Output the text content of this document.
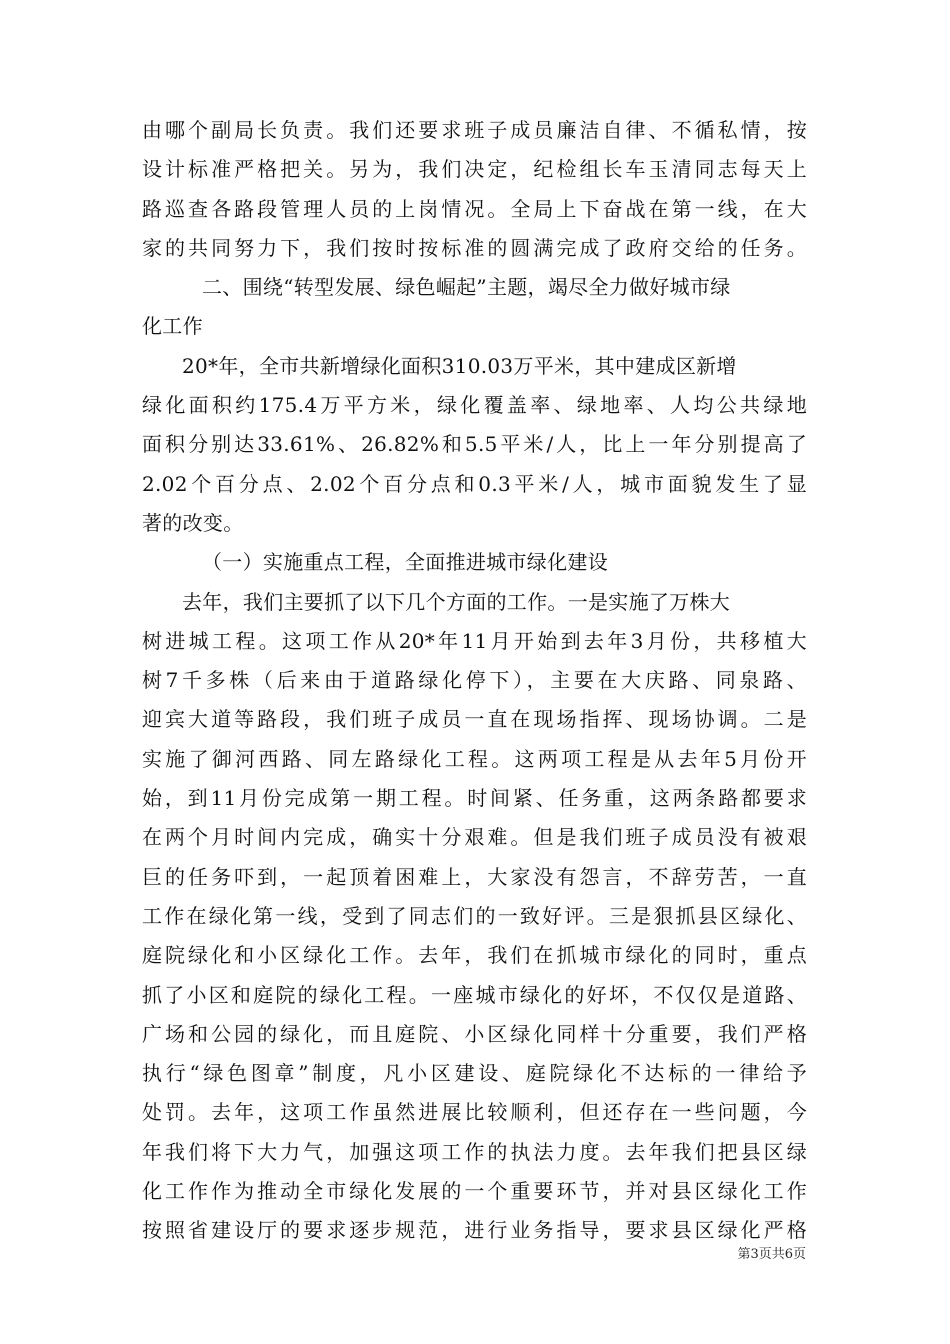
由哪个副局长负责。我们还要求班子成员廉洁自律、不循私情，按
设计标准严格把关。另为，我们决定，纪检组长车玉清同志每天上
路巡查各路段管理人员的上岗情况。全局上下奋战在第一线，在大
家的共同努力下，我们按时按标准的圆满完成了政府交给的任务。
二、围绕“转型发展、绿色崛起”主题，竭尽全力做好城市绿
化工作
20*年，全市共新增绿化面积310.03万平米，其中建成区新增
绿化面积约175.4万平方米，绿化覆盖率、绿地率、人均公共绿地
面积分别达33.61%、26.82%和5.5平米/人，比上一年分别提高了
2.02个百分点、2.02个百分点和0.3平米/人，城市面貌发生了显
著的改变。
（一）实施重点工程，全面推进城市绿化建设
去年，我们主要抓了以下几个方面的工作。一是实施了万株大
树进城工程。这项工作从20*年11月开始到去年3月份，共移植大
树7千多株（后来由于道路绿化停下），主要在大庆路、同泉路、
迎宾大道等路段，我们班子成员一直在现场指挥、现场协调。二是
实施了御河西路、同左路绿化工程。这两项工程是从去年5月份开
始，到11月份完成第一期工程。时间紧、任务重，这两条路都要求
在两个月时间内完成，确实十分艰难。但是我们班子成员没有被艰
巨的任务吓到，一起顶着困难上，大家没有怨言，不辞劳苦，一直
工作在绿化第一线，受到了同志们的一致好评。三是狠抓县区绿化、
庭院绿化和小区绿化工作。去年，我们在抓城市绿化的同时，重点
抓了小区和庭院的绿化工程。一座城市绿化的好坏，不仅仅是道路、
广场和公园的绿化，而且庭院、小区绿化同样十分重要，我们严格
执行“绿色图章”制度，凡小区建设、庭院绿化不达标的一律给予
处罚。去年，这项工作虽然进展比较顺利，但还存在一些问题，今
年我们将下大力气，加强这项工作的执法力度。去年我们把县区绿
化工作作为推动全市绿化发展的一个重要环节，并对县区绿化工作
按照省建设厅的要求逐步规范，进行业务指导，要求县区绿化严格
第3页共6页
